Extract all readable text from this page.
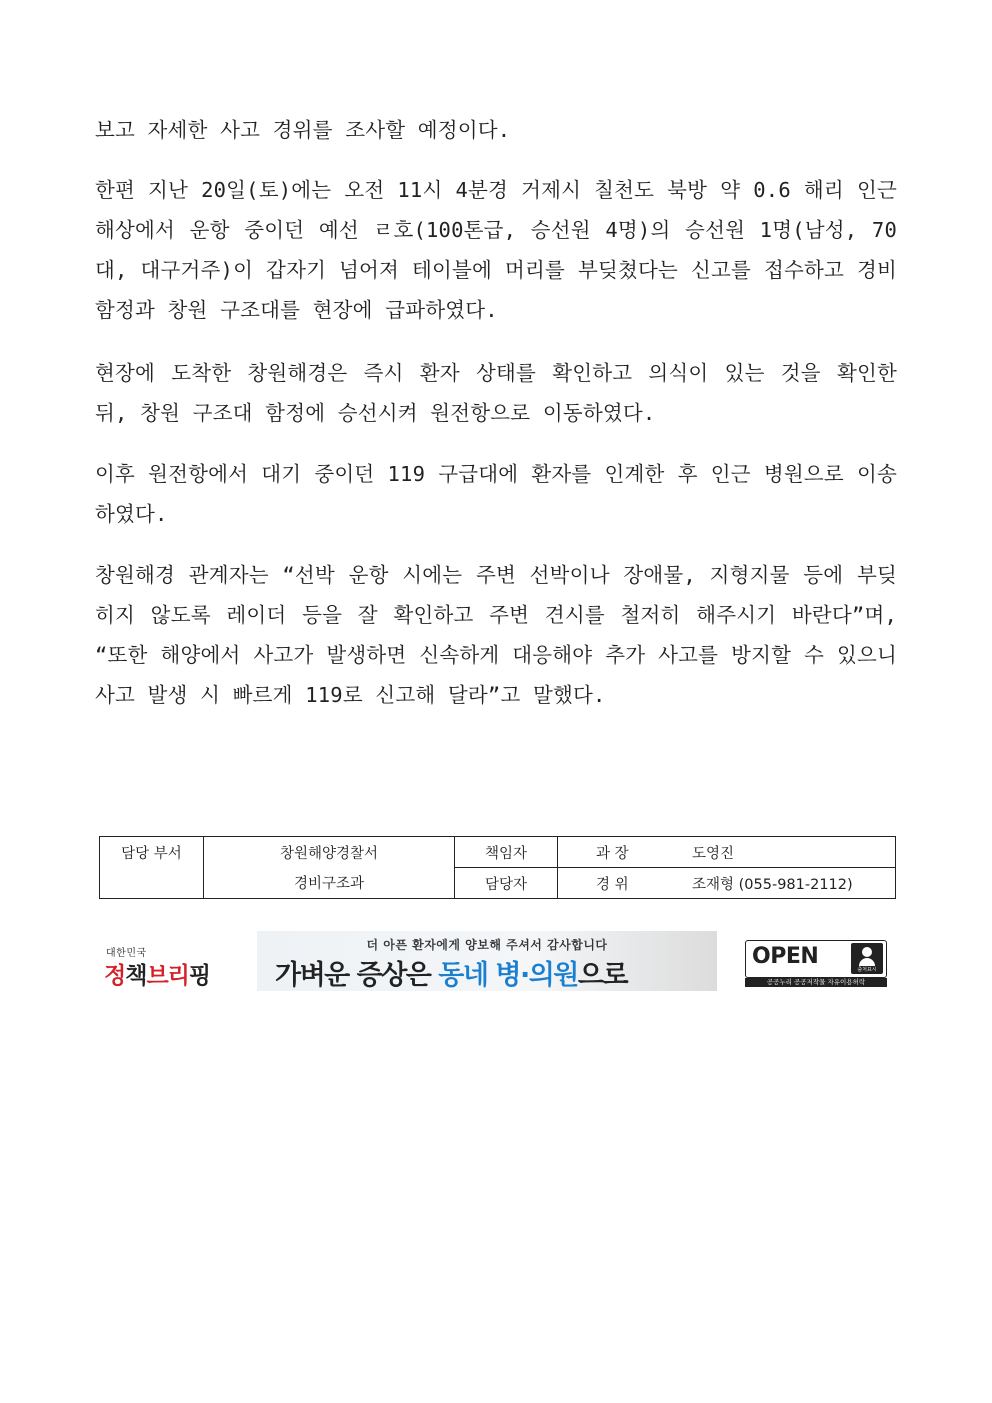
보고 자세한 사고 경위를 조사할 예정이다.

한편 지난 20일(토)에는 오전 11시 4분경 거제시 칠천도 북방 약 0.6 해리 인근 해상에서 운항 중이던 예선 ㄹ호(100톤급, 승선원 4명)의 승선원 1명(남성, 70대, 대구거주)이 갑자기 넘어져 테이블에 머리를 부딪쳤다는 신고를 접수하고 경비함정과 창원 구조대를 현장에 급파하였다.

현장에 도착한 창원해경은 즉시 환자 상태를 확인하고 의식이 있는 것을 확인한 뒤, 창원 구조대 함정에 승선시켜 원전항으로 이동하였다.

이후 원전항에서 대기 중이던 119 구급대에 환자를 인계한 후 인근 병원으로 이송하였다.

창원해경 관계자는 “선박 운항 시에는 주변 선박이나 장애물, 지형지물 등에 부딪히지 않도록 레이더 등을 잘 확인하고 주변 견시를 철저히 해주시기 바란다”며, “또한 해양에서 사고가 발생하면 신속하게 대응해야 추가 사고를 방지할 수 있으니 사고 발생 시 빠르게 119로 신고해 달라”고 말했다.

담당 부서	창원해양경찰서	책임자	과 장 도영진
	경비구조과	담당자	경 위 조재형 (055-981-2112)
대한민국
정책브리핑
더 아픈 환자에게 양보해 주셔서 감사합니다
가벼운 증상은 동네 병·의원으로
OPEN
출처표시
공공누리 공공저작물 자유이용허락
